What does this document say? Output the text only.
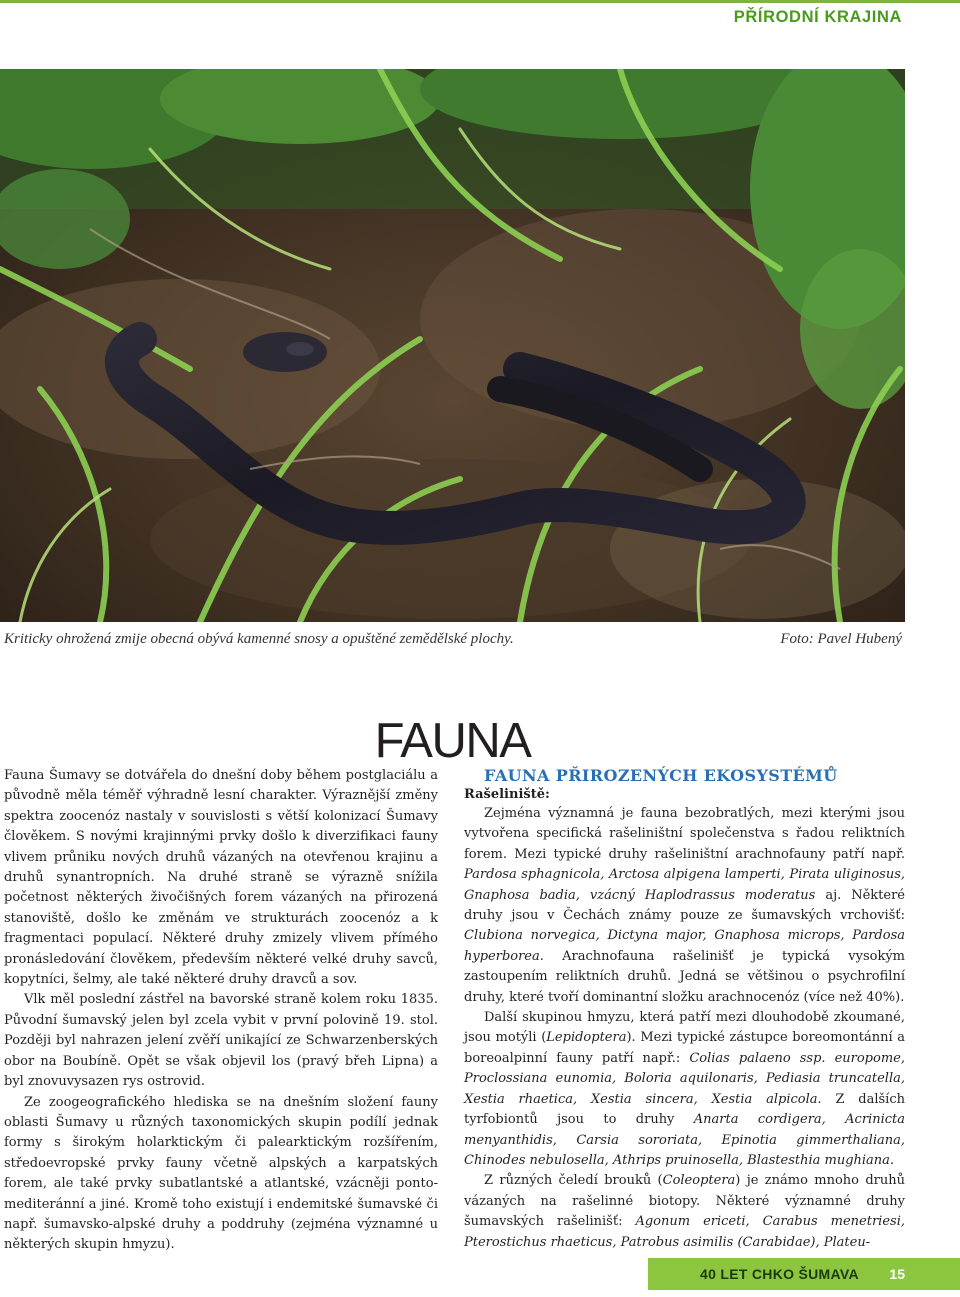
PŘÍRODNÍ KRAJINA
Kriticky ohrožená zmije obecná obývá kamenné snosy a opuštěné zemědělské plochy.	Foto: Pavel Hubený
FAUNA

Fauna Šumavy se dotvářela do dnešní doby během postglaciálu a původně měla téměř výhradně lesní charakter. Výraznější změny spektra zoocenóz nastaly v souvislosti s větší kolonizací Šumavy člověkem. S novými krajinnými prvky došlo k diverzifikaci fauny vlivem průniku nových druhů vázaných na otevřenou krajinu a druhů synantropních. Na druhé straně se výrazně snížila početnost některých živočišných forem vázaných na přirozená stanoviště, došlo ke změnám ve strukturách zoocenóz a k fragmentaci populací. Některé druhy zmizely vlivem přímého pronásledování člověkem, především některé velké druhy savců, kopytníci, šelmy, ale také některé druhy dravců a sov.

Vlk měl poslední zástřel na bavorské straně kolem roku 1835. Původní šumavský jelen byl zcela vybit v první polovině 19. stol. Později byl nahrazen jelení zvěří unikající ze Schwarzenberských obor na Boubíně. Opět se však objevil los (pravý břeh Lipna) a byl znovuvysazen rys ostrovid.

Ze zoogeografického hlediska se na dnešním složení fauny oblasti Šumavy u různých taxonomických skupin podílí jednak formy s širokým holarktickým či palearktickým rozšířením, středoevropské prvky fauny včetně alpských a karpatských forem, ale také prvky subatlantské a atlantské, vzácněji ponto-mediteránní a jiné. Kromě toho existují i endemitské šumavské či např. šumavsko-alpské druhy a poddruhy (zejména významné u některých skupin hmyzu).

FAUNA PŘIROZENÝCH EKOSYSTÉMŮ
Rašeliniště:

Zejména významná je fauna bezobratlých, mezi kterými jsou vytvořena specifická rašeliništní společenstva s řadou reliktních forem. Mezi typické druhy rašeliništní arachnofauny patří např. Pardosa sphagnicola, Arctosa alpigena lamperti, Pirata uliginosus, Gnaphosa badia, vzácný Haplodrassus moderatus aj. Některé druhy jsou v Čechách známy pouze ze šumavských vrchovišť: Clubiona norvegica, Dictyna major, Gnaphosa microps, Pardosa hyperborea. Arachnofauna rašelinišť je typická vysokým zastoupením reliktních druhů. Jedná se většinou o psychrofilní druhy, které tvoří dominantní složku arachnocenóz (více než 40%).

Další skupinou hmyzu, která patří mezi dlouhodobě zkoumané, jsou motýli (Lepidoptera). Mezi typické zástupce boreomontánní a boreoalpinní fauny patří např.: Colias palaeno ssp. europome, Proclossiana eunomia, Boloria aquilonaris, Pediasia truncatella, Xestia rhaetica, Xestia sincera, Xestia alpicola. Z dalších tyrfobiontů jsou to druhy Anarta cordigera, Acrinicta menyanthidis, Carsia sororiata, Epinotia gimmerthaliana, Chinodes nebulosella, Athrips pruinosella, Blastesthia mughiana.

Z různých čeledí brouků (Coleoptera) je známo mnoho druhů vázaných na rašelinné biotopy. Některé významné druhy šumavských rašelinišť: Agonum ericeti, Carabus menetriesi, Pterostichus rhaeticus, Patrobus asimilis (Carabidae), Plateu-

40 LET CHKO ŠUMAVA 15
